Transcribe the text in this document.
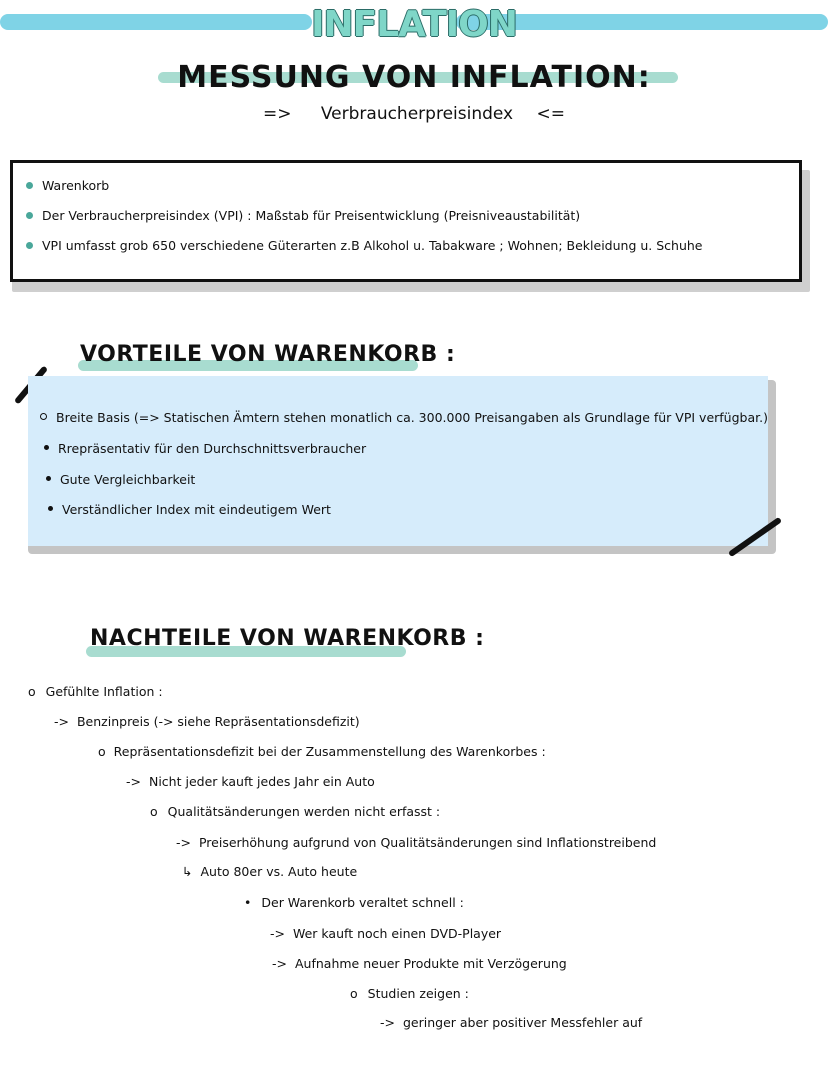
INFLATION
MESSUNG VON INFLATION:
=> Verbraucherpreisindex <=
Warenkorb
Der Verbraucherpreisindex (VPI) : Maßstab für Preisentwicklung (Preisniveaustabilität)
VPI umfasst grob 650 verschiedene Güterarten z.B Alkohol u. Tabakware ; Wohnen; Bekleidung u. Schuhe
VORTEILE VON WARENKORB :
Breite Basis (=> Statischen Ämtern stehen monatlich ca. 300.000 Preisangaben als Grundlage für VPI verfügbar.)
Rrepräsentativ für den Durchschnittsverbraucher
Gute Vergleichbarkeit
Verständlicher Index mit eindeutigem Wert
NACHTEILE VON WARENKORB :
o Gefühlte Inflation :
-> Benzinpreis (-> siehe Repräsentationsdefizit)
o Repräsentationsdefizit bei der Zusammenstellung des Warenkorbes :
-> Nicht jeder kauft jedes Jahr ein Auto
o Qualitätsänderungen werden nicht erfasst :
-> Preiserhöhung aufgrund von Qualitätsänderungen sind Inflationstreibend
↳ Auto 80er vs. Auto heute
• Der Warenkorb veraltet schnell :
-> Wer kauft noch einen DVD-Player
-> Aufnahme neuer Produkte mit Verzögerung
o Studien zeigen :
-> geringer aber positiver Messfehler auf
